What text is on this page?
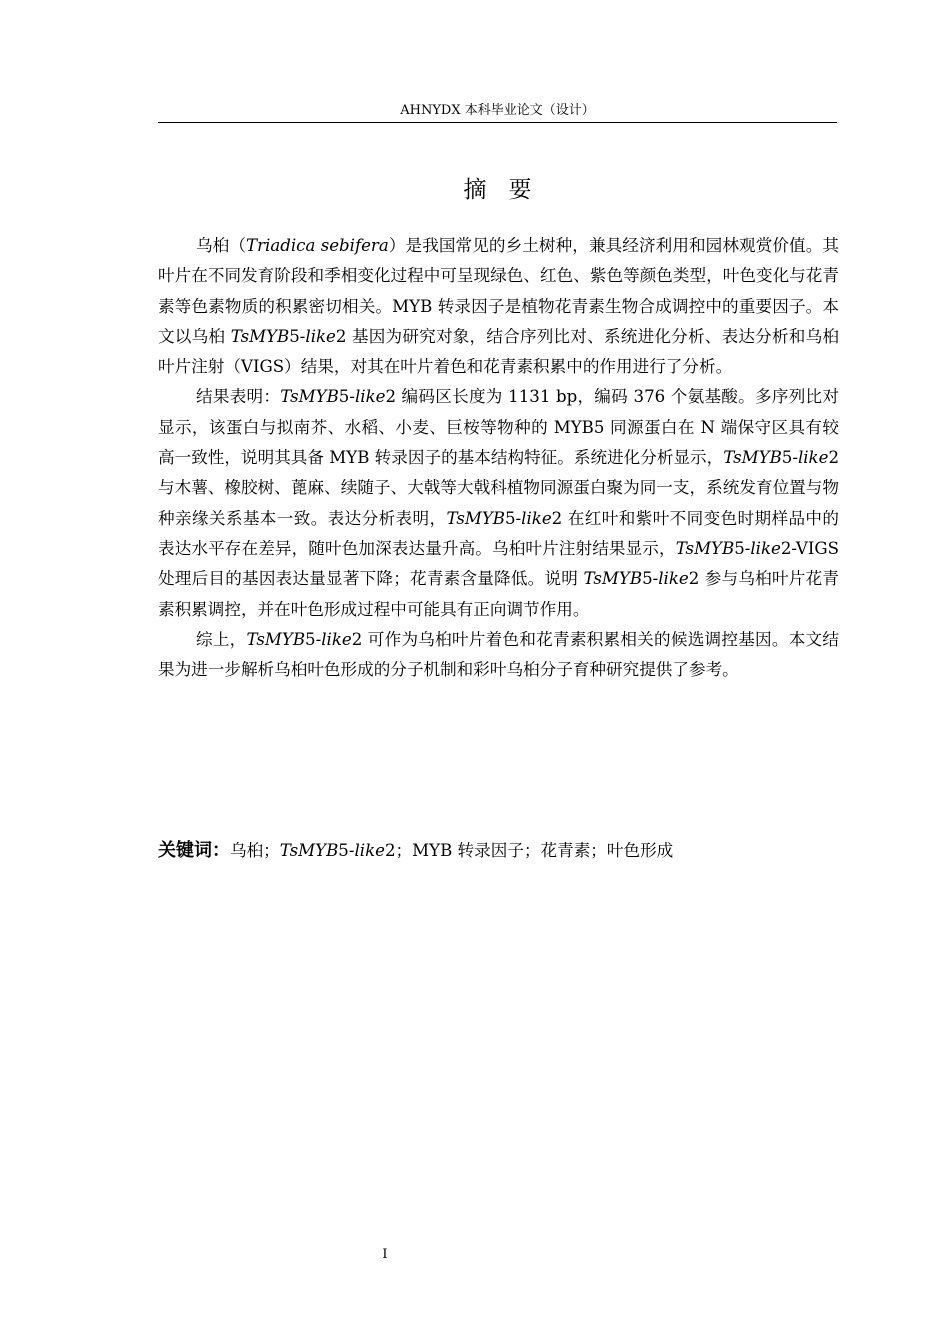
AHNYDX 本科毕业论文（设计）
摘要

乌桕（Triadica sebifera）是我国常见的乡土树种，兼具经济利用和园林观赏价值。其叶片在不同发育阶段和季相变化过程中可呈现绿色、红色、紫色等颜色类型，叶色变化与花青素等色素物质的积累密切相关。MYB 转录因子是植物花青素生物合成调控中的重要因子。本文以乌桕 TsMYB5-like2 基因为研究对象，结合序列比对、系统进化分析、表达分析和乌桕叶片注射（VIGS）结果，对其在叶片着色和花青素积累中的作用进行了分析。

结果表明：TsMYB5-like2 编码区长度为 1131 bp，编码 376 个氨基酸。多序列比对显示，该蛋白与拟南芥、水稻、小麦、巨桉等物种的 MYB5 同源蛋白在 N 端保守区具有较高一致性，说明其具备 MYB 转录因子的基本结构特征。系统进化分析显示，TsMYB5-like2 与木薯、橡胶树、蓖麻、续随子、大戟等大戟科植物同源蛋白聚为同一支，系统发育位置与物种亲缘关系基本一致。表达分析表明，TsMYB5-like2 在红叶和紫叶不同变色时期样品中的表达水平存在差异，随叶色加深表达量升高。乌桕叶片注射结果显示，TsMYB5-like2-VIGS 处理后目的基因表达量显著下降；花青素含量降低。说明 TsMYB5-like2 参与乌桕叶片花青素积累调控，并在叶色形成过程中可能具有正向调节作用。

综上，TsMYB5-like2 可作为乌桕叶片着色和花青素积累相关的候选调控基因。本文结果为进一步解析乌桕叶色形成的分子机制和彩叶乌桕分子育种研究提供了参考。

关键词：乌桕；TsMYB5-like2；MYB 转录因子；花青素；叶色形成
I
